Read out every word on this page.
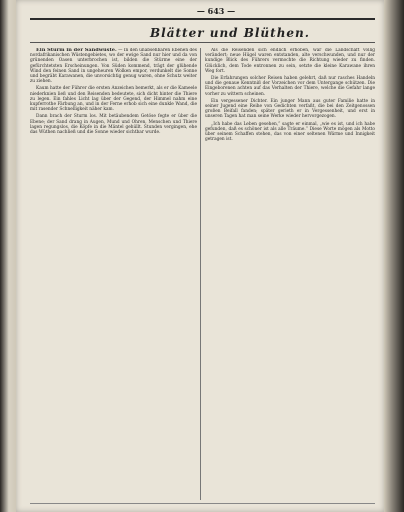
— 643 —
Blätter und Blüthen.

Ein Sturm in der Sandwüste. — In den unabsehbaren Ebenen des nordafrikanischen Wüstengebietes, wo der ewige Sand nur hier und da von grünenden Oasen unterbrochen ist, bilden die Stürme eine der gefürchtetsten Erscheinungen. Von Süden kommend, trägt der glühende Wind den feinen Sand in ungeheuren Wolken empor, verdunkelt die Sonne und begräbt Karawanen, die unvorsichtig genug waren, ohne Schutz weiter zu ziehen.

Kaum hatte der Führer die ersten Anzeichen bemerkt, als er die Kameele niederknien ließ und den Reisenden bedeutete, sich dicht hinter die Thiere zu legen. Ein fahles Licht lag über der Gegend, der Himmel nahm eine kupferrothe Färbung an, und in der Ferne erhob sich eine dunkle Wand, die mit rasender Schnelligkeit näher kam.

Dann brach der Sturm los. Mit betäubendem Getöse fegte er über die Ebene; der Sand drang in Augen, Mund und Ohren, Menschen und Thiere lagen regungslos, die Köpfe in die Mäntel gehüllt. Stunden vergingen, ehe das Wüthen nachließ und die Sonne wieder sichtbar wurde.

Als die Reisenden sich endlich erhoben, war die Landschaft völlig verändert; neue Hügel waren entstanden, alte verschwunden, und nur der kundige Blick des Führers vermochte die Richtung wieder zu finden. Glücklich, dem Tode entronnen zu sein, setzte die kleine Karawane ihren Weg fort.

Die Erfahrungen solcher Reisen haben gelehrt, daß nur rasches Handeln und die genaue Kenntniß der Vorzeichen vor dem Untergange schützen. Die Eingeborenen achten auf das Verhalten der Thiere, welche die Gefahr lange vorher zu wittern scheinen.

Ein vergessener Dichter. Ein junger Mann aus guter Familie hatte in seiner Jugend eine Reihe von Gedichten verfaßt, die bei den Zeitgenossen großen Beifall fanden; später gerieth er in Vergessenheit, und erst in unseren Tagen hat man seine Werke wieder hervorgezogen.

„Ich habe das Leben gesehen,“ sagte er einmal, „wie es ist, und ich habe gefunden, daß es schöner ist als alle Träume.“ Diese Worte mögen als Motto über seinem Schaffen stehen, das von einer seltenen Wärme und Innigkeit getragen ist.
